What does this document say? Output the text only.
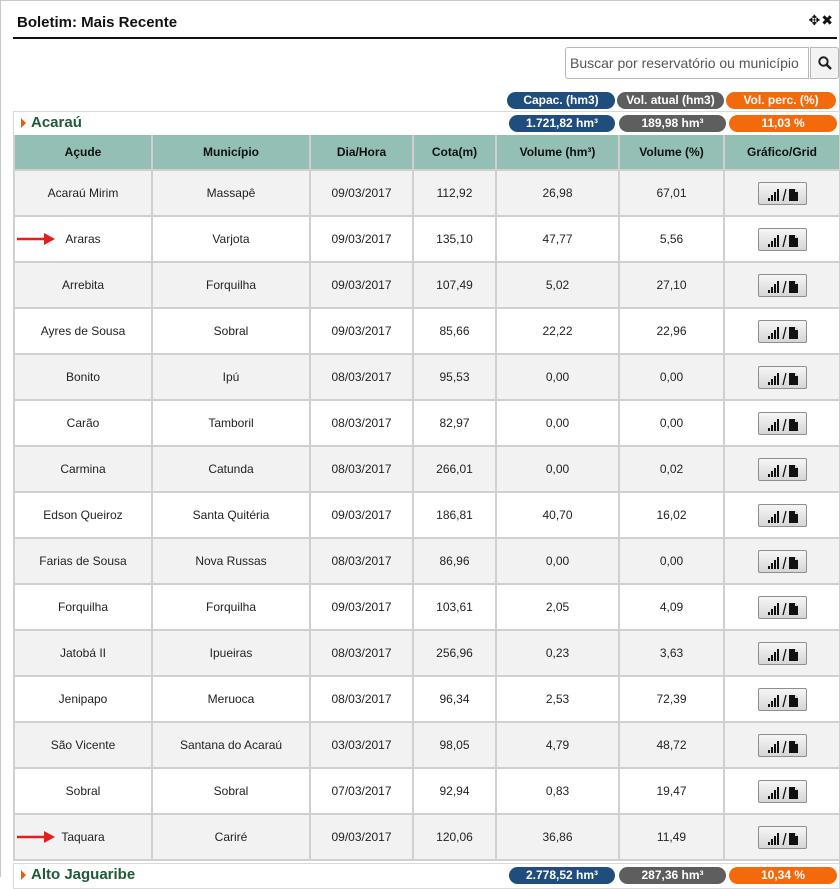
Boletim: Mais Recente	✥✖
Buscar por reservatório ou município
Capac. (hm3)	Vol. atual (hm3)	Vol. perc. (%)
Acaraú	1.721,82 hm³	189,98 hm³	11,03 %
Açude	Município	Dia/Hora	Cota(m)	Volume (hm³)	Volume (%)	Gráfico/Grid
Acaraú Mirim	Massapê	09/03/2017	112,92	26,98	67,01	

Araras	Varjota	09/03/2017	135,10	47,77	5,56	

Arrebita	Forquilha	09/03/2017	107,49	5,02	27,10	

Ayres de Sousa	Sobral	09/03/2017	85,66	22,22	22,96	

Bonito	Ipú	08/03/2017	95,53	0,00	0,00	

Carão	Tamboril	08/03/2017	82,97	0,00	0,00	

Carmina	Catunda	08/03/2017	266,01	0,00	0,02	

Edson Queiroz	Santa Quitéria	09/03/2017	186,81	40,70	16,02	

Farias de Sousa	Nova Russas	08/03/2017	86,96	0,00	0,00	

Forquilha	Forquilha	09/03/2017	103,61	2,05	4,09	

Jatobá II	Ipueiras	08/03/2017	256,96	0,23	3,63	

Jenipapo	Meruoca	08/03/2017	96,34	2,53	72,39	

São Vicente	Santana do Acaraú	03/03/2017	98,05	4,79	48,72	

Sobral	Sobral	07/03/2017	92,94	0,83	19,47	

Taquara	Cariré	09/03/2017	120,06	36,86	11,49	
Alto Jaguaribe	2.778,52 hm³	287,36 hm³	10,34 %
